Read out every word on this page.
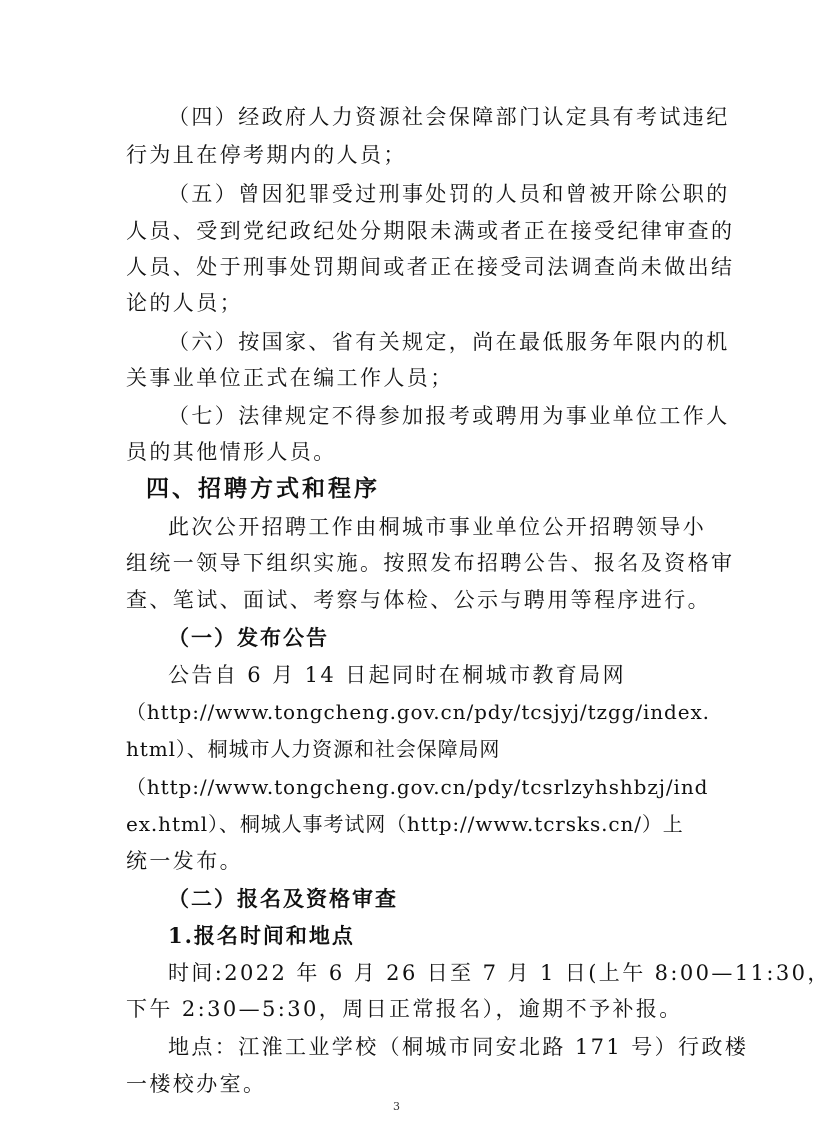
（四）经政府人力资源社会保障部门认定具有考试违纪
行为且在停考期内的人员；
（五）曾因犯罪受过刑事处罚的人员和曾被开除公职的
人员、受到党纪政纪处分期限未满或者正在接受纪律审查的
人员、处于刑事处罚期间或者正在接受司法调查尚未做出结
论的人员；
（六）按国家、省有关规定，尚在最低服务年限内的机
关事业单位正式在编工作人员；
（七）法律规定不得参加报考或聘用为事业单位工作人
员的其他情形人员。
四、招聘方式和程序
此次公开招聘工作由桐城市事业单位公开招聘领导小
组统一领导下组织实施。按照发布招聘公告、报名及资格审
查、笔试、面试、考察与体检、公示与聘用等程序进行。
（一）发布公告
公告自 6 月 14 日起同时在桐城市教育局网
（http://www.tongcheng.gov.cn/pdy/tcsjyj/tzgg/index.
html）、桐城市人力资源和社会保障局网
（http://www.tongcheng.gov.cn/pdy/tcsrlzyhshbzj/ind
ex.html）、桐城人事考试网（http://www.tcrsks.cn/）上
统一发布。
（二）报名及资格审查
1.报名时间和地点
时间:2022 年 6 月 26 日至 7 月 1 日(上午 8:00—11:30，
下午 2:30—5:30，周日正常报名），逾期不予补报。
3
地点：江淮工业学校（桐城市同安北路 171 号）行政楼
一楼校办室。
